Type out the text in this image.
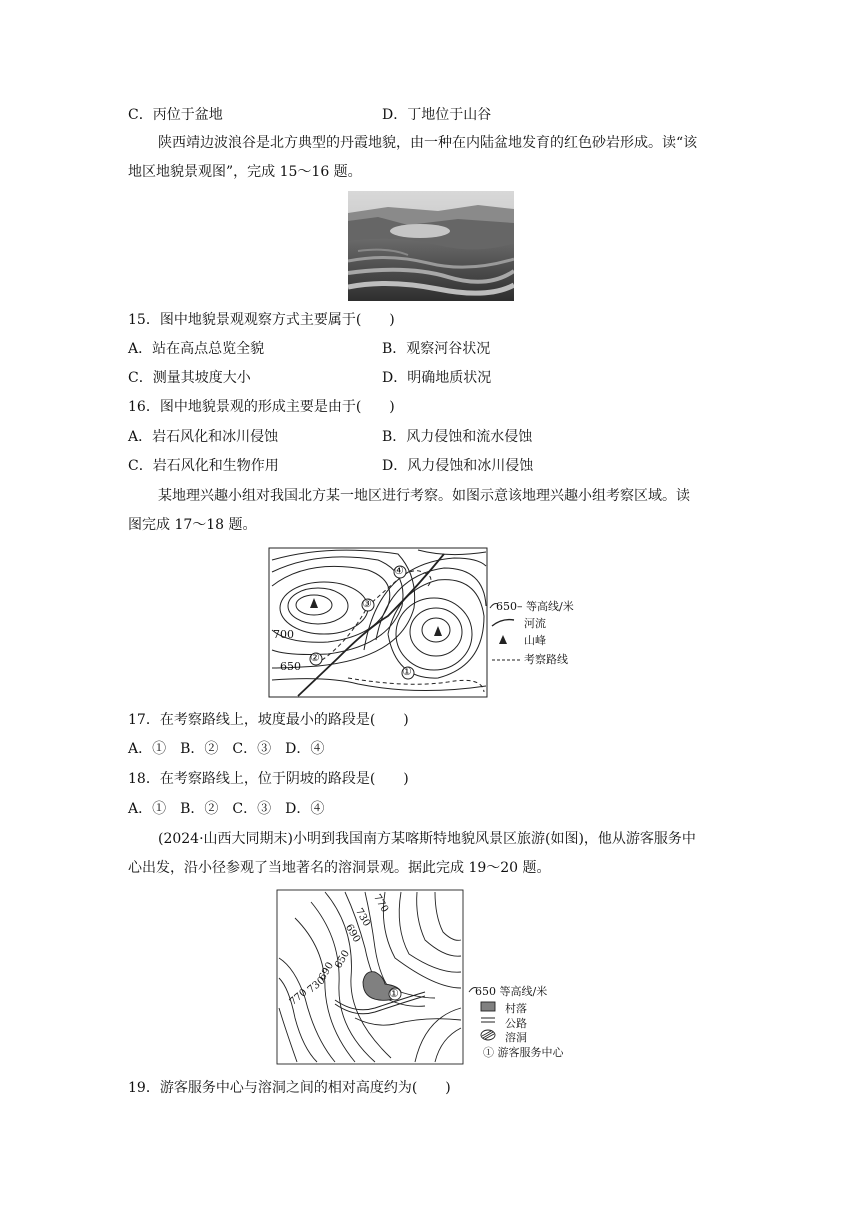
C．丙位于盆地	D．丁地位于山谷
陕西靖边波浪谷是北方典型的丹霞地貌，由一种在内陆盆地发育的红色砂岩形成。读“该
地区地貌景观图”，完成 15～16 题。
15．图中地貌景观观察方式主要属于(　　)
A．站在高点总览全貌	B．观察河谷状况
C．测量其坡度大小	D．明确地质状况
16．图中地貌景观的形成主要是由于(　　)
A．岩石风化和冰川侵蚀	B．风力侵蚀和流水侵蚀
C．岩石风化和生物作用	D．风力侵蚀和冰川侵蚀
某地理兴趣小组对我国北方某一地区进行考察。如图示意该地理兴趣小组考察区域。读
图完成 17～18 题。
700
650	①
②
③
④
650– 等高线/米
河流
山峰
考察路线
17．在考察路线上，坡度最小的路段是(　　)
A．①　B．②　C．③　D．④
18．在考察路线上，位于阴坡的路段是(　　)
A．①　B．②　C．③　D．④
(2024·山西大同期末)小明到我国南方某喀斯特地貌风景区旅游(如图)，他从游客服务中
心出发，沿小径参观了当地著名的溶洞景观。据此完成 19～20 题。
770
730
690
650
690
730
770	①	650 等高线/米
村落
公路
溶洞
① 游客服务中心
19．游客服务中心与溶洞之间的相对高度约为(　　)
